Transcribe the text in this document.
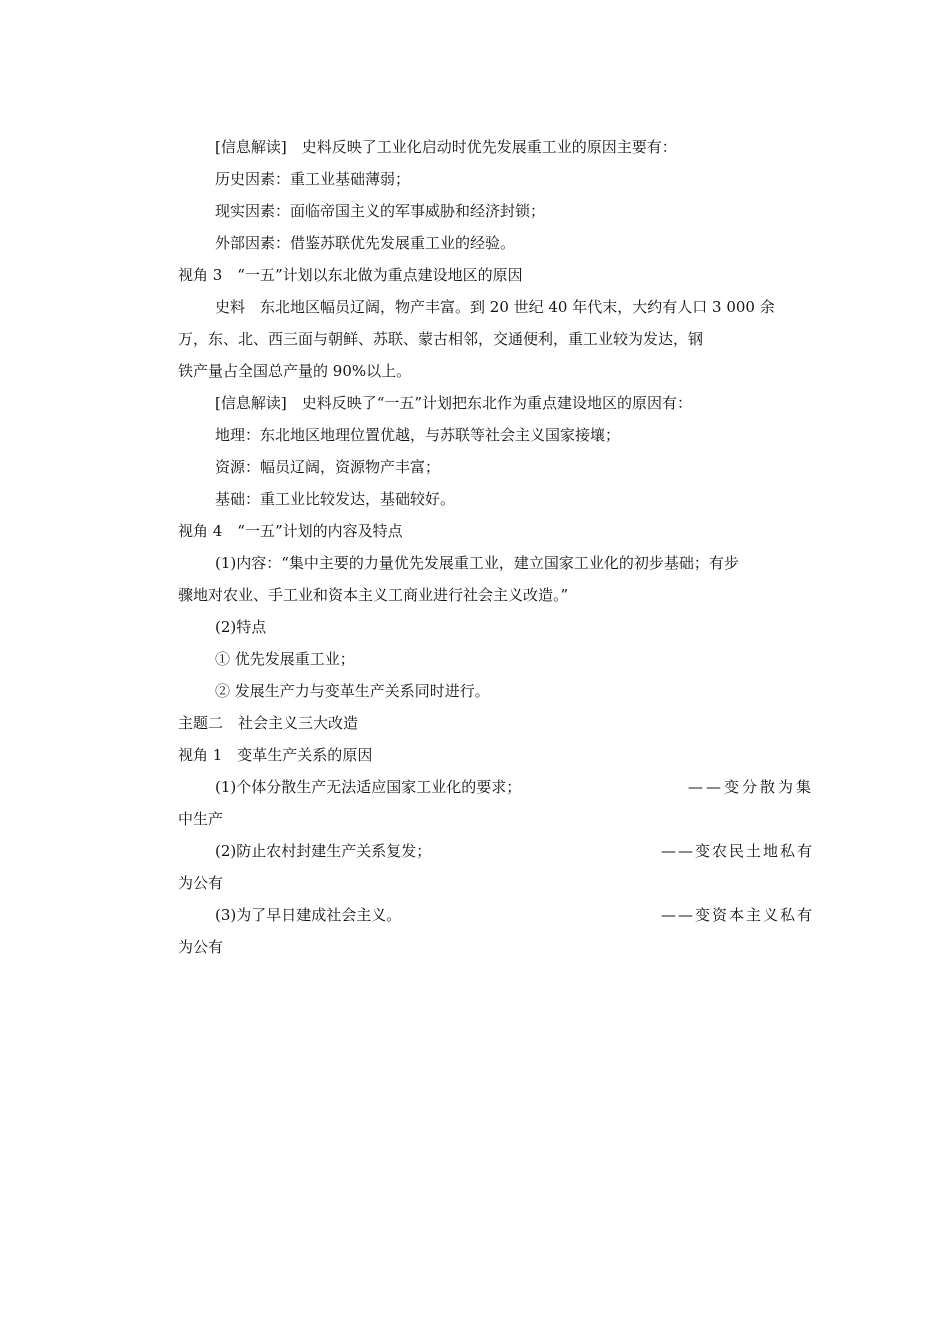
[信息解读]　史料反映了工业化启动时优先发展重工业的原因主要有：
历史因素：重工业基础薄弱；
现实因素：面临帝国主义的军事威胁和经济封锁；
外部因素：借鉴苏联优先发展重工业的经验。
视角 3　“一五”计划以东北做为重点建设地区的原因
史料　东北地区幅员辽阔，物产丰富。到 20 世纪 40 年代末，大约有人口 3 000 余
万，东、北、西三面与朝鲜、苏联、蒙古相邻，交通便利，重工业较为发达，钢
铁产量占全国总产量的 90%以上。
[信息解读]　史料反映了“一五”计划把东北作为重点建设地区的原因有：
地理：东北地区地理位置优越，与苏联等社会主义国家接壤；
资源：幅员辽阔，资源物产丰富；
基础：重工业比较发达，基础较好。
视角 4　“一五”计划的内容及特点
(1)内容：“集中主要的力量优先发展重工业，建立国家工业化的初步基础；有步
骤地对农业、手工业和资本主义工商业进行社会主义改造。”
(2)特点
① 优先发展重工业；
② 发展生产力与变革生产关系同时进行。
主题二　社会主义三大改造
视角 1　变革生产关系的原因
(1)个体分散生产无法适应国家工业化的要求；	——变分散为集
中生产
(2)防止农村封建生产关系复发；	——变农民土地私有
为公有
(3)为了早日建成社会主义。	——变资本主义私有
为公有
